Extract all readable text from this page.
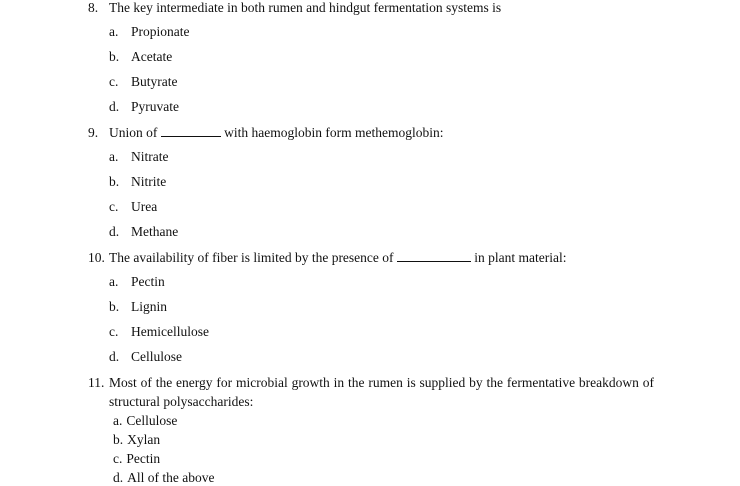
8. The key intermediate in both rumen and hindgut fermentation systems is
a. Propionate
b. Acetate
c. Butyrate
d. Pyruvate
9. Union of	with haemoglobin form methemoglobin:
a. Nitrate
b. Nitrite
c. Urea
d. Methane
10. The availability of fiber is limited by the presence of	in plant material:
a. Pectin
b. Lignin
c. Hemicellulose
d. Cellulose
11. Most of the energy for microbial growth in the rumen is supplied by the fermentative breakdown of structural polysaccharides:
a. Cellulose
b. Xylan
c. Pectin
d. All of the above
